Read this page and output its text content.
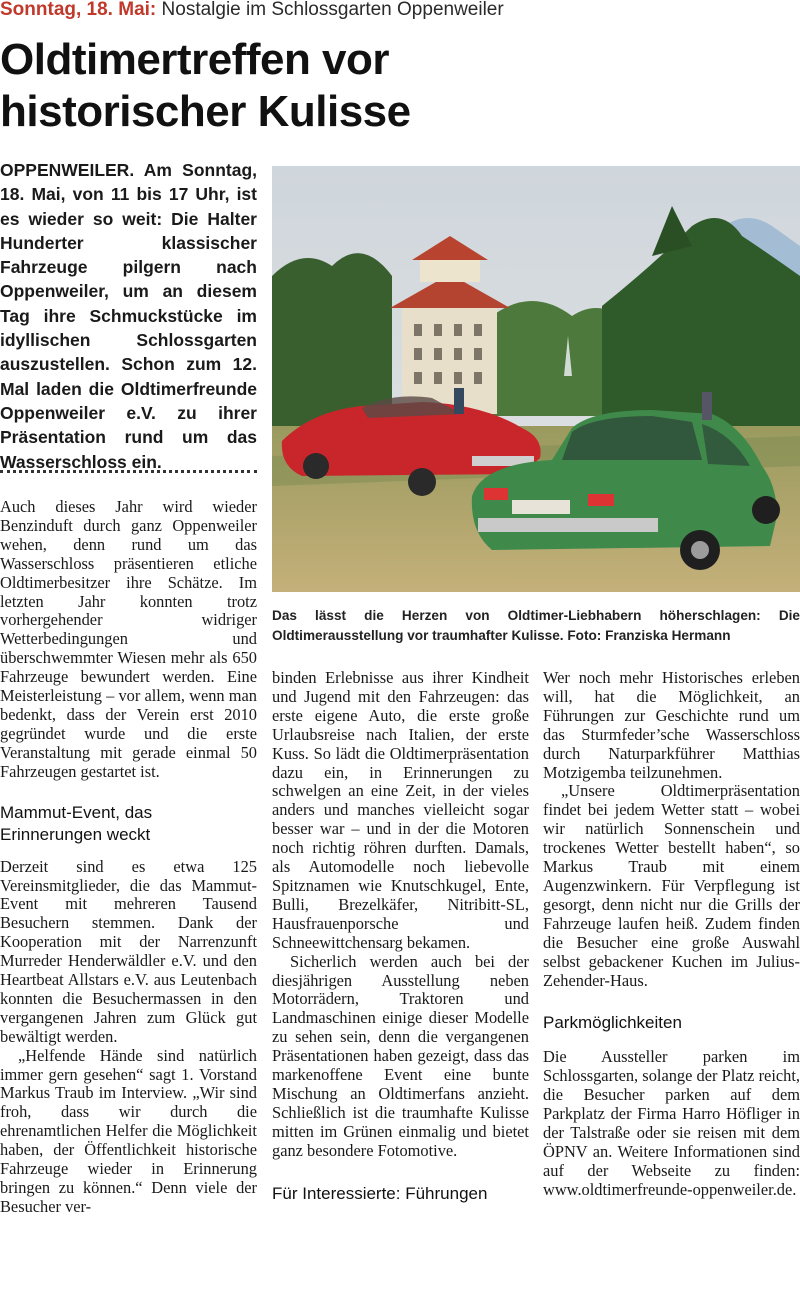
Sonntag, 18. Mai: Nostalgie im Schlossgarten Oppenweiler
Oldtimertreffen vor
historischer Kulisse
OPPENWEILER. Am Sonntag, 18. Mai, von 11 bis 17 Uhr, ist es wieder so weit: Die Halter Hunderter klassischer Fahrzeuge pilgern nach Oppenweiler, um an diesem Tag ihre Schmuckstücke im idyllischen Schlossgarten auszustellen. Schon zum 12. Mal laden die Oldtimerfreunde Oppenweiler e.V. zu ihrer Präsentation rund um das Wasserschloss ein.

Auch dieses Jahr wird wieder Benzinduft durch ganz Oppenweiler wehen, denn rund um das Wasserschloss präsentieren etliche Oldtimerbesitzer ihre Schätze. Im letzten Jahr konnten trotz vorhergehender widriger Wetterbedingungen und überschwemmter Wiesen mehr als 650 Fahrzeuge bewundert werden. Eine Meisterleistung – vor allem, wenn man bedenkt, dass der Verein erst 2010 gegründet wurde und die erste Veranstaltung mit gerade einmal 50 Fahrzeugen gestartet ist.

Mammut-Event, das Erinnerungen weckt

Derzeit sind es etwa 125 Vereinsmitglieder, die das Mammut-Event mit mehreren Tausend Besuchern stemmen. Dank der Kooperation mit der Narrenzunft Murreder Henderwäldler e.V. und den Heartbeat Allstars e.V. aus Leutenbach konnten die Besuchermassen in den vergangenen Jahren zum Glück gut bewältigt werden.

„Helfende Hände sind natürlich immer gern gesehen“ sagt 1. Vorstand Markus Traub im Interview. „Wir sind froh, dass wir durch die ehrenamtlichen Helfer die Möglichkeit haben, der Öffentlichkeit historische Fahrzeuge wieder in Erinnerung bringen zu können.“ Denn viele der Besucher ver-

Das lässt die Herzen von Oldtimer-Liebhabern höherschlagen: Die Oldtimerausstellung vor traumhafter Kulisse. Foto: Franziska Hermann

binden Erlebnisse aus ihrer Kindheit und Jugend mit den Fahrzeugen: das erste eigene Auto, die erste große Urlaubsreise nach Italien, der erste Kuss. So lädt die Oldtimerpräsentation dazu ein, in Erinnerungen zu schwelgen an eine Zeit, in der vieles anders und manches vielleicht sogar besser war – und in der die Motoren noch richtig röhren durften. Damals, als Automodelle noch liebevolle Spitznamen wie Knutschkugel, Ente, Bulli, Brezelkäfer, Nitribitt-SL, Hausfrauenporsche und Schneewittchensarg bekamen.

Sicherlich werden auch bei der diesjährigen Ausstellung neben Motorrädern, Traktoren und Landmaschinen einige dieser Modelle zu sehen sein, denn die vergangenen Präsentationen haben gezeigt, dass das markenoffene Event eine bunte Mischung an Oldtimerfans anzieht. Schließlich ist die traumhafte Kulisse mitten im Grünen einmalig und bietet ganz besondere Fotomotive.

Für Interessierte: Führungen

Wer noch mehr Historisches erleben will, hat die Möglichkeit, an Führungen zur Geschichte rund um das Sturmfeder’sche Wasserschloss durch Naturparkführer Matthias Motzigemba teilzunehmen.

„Unsere Oldtimerpräsentation findet bei jedem Wetter statt – wobei wir natürlich Sonnenschein und trockenes Wetter bestellt haben“, so Markus Traub mit einem Augenzwinkern. Für Verpflegung ist gesorgt, denn nicht nur die Grills der Fahrzeuge laufen heiß. Zudem finden die Besucher eine große Auswahl selbst gebackener Kuchen im Julius-Zehender-Haus.

Parkmöglichkeiten

Die Aussteller parken im Schlossgarten, solange der Platz reicht, die Besucher parken auf dem Parkplatz der Firma Harro Höfliger in der Talstraße oder sie reisen mit dem ÖPNV an. Weitere Informationen sind auf der Webseite zu finden: www.oldtimerfreunde-oppenweiler.de.
